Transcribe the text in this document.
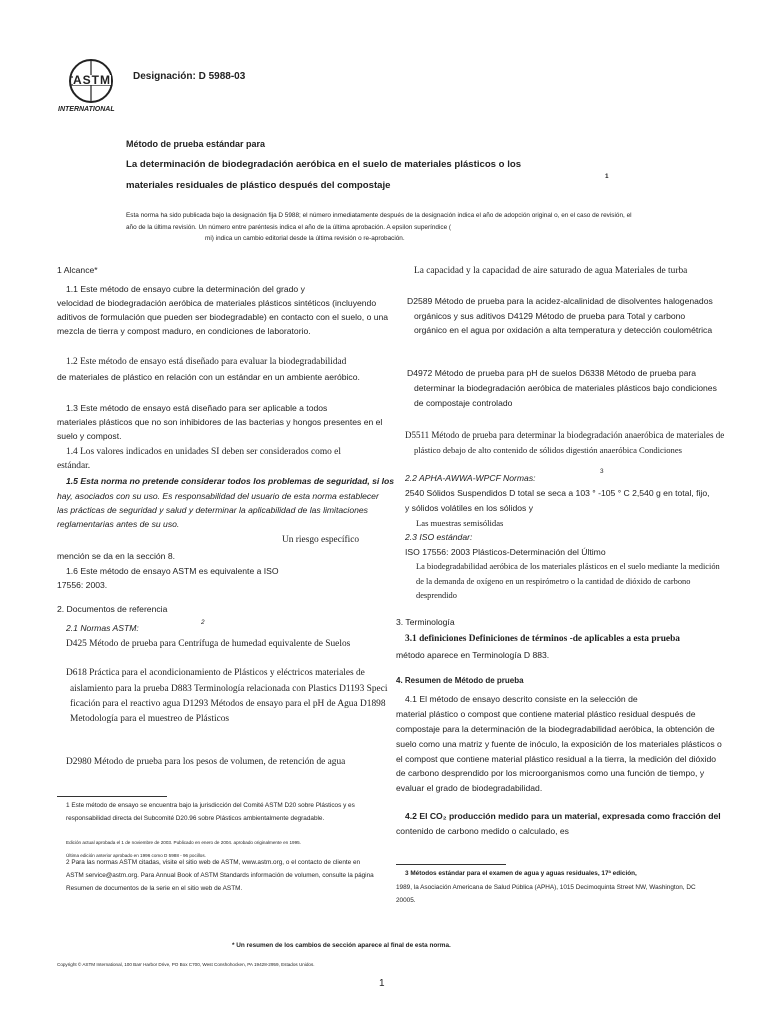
ASTM
INTERNATIONAL
Designación: D 5988-03
Método de prueba estándar para
La determinación de biodegradación aeróbica en el suelo de materiales plásticos o los
materiales residuales de plástico después del compostaje
1
Esta norma ha sido publicada bajo la designación fija D 5988; el número inmediatamente después de la designación indica el año de adopción original o, en el caso de revisión, el
año de la última revisión. Un número entre paréntesis indica el año de la última aprobación. A epsilon superíndice (
mi) indica un cambio editorial desde la última revisión o re-aprobación.
1 Alcance*
1.1 Este método de ensayo cubre la determinación del grado y
velocidad de biodegradación aeróbica de materiales plásticos sintéticos (incluyendo
aditivos de formulación que pueden ser biodegradable) en contacto con el suelo, o una
mezcla de tierra y compost maduro, en condiciones de laboratorio.
1.2 Este método de ensayo está diseñado para evaluar la biodegradabilidad
de materiales de plástico en relación con un estándar en un ambiente aeróbico.
1.3 Este método de ensayo está diseñado para ser aplicable a todos
materiales plásticos que no son inhibidores de las bacterias y hongos presentes en el
suelo y compost.
1.4 Los valores indicados en unidades SI deben ser considerados como el
estándar.
1.5 Esta norma no pretende considerar todos los problemas de seguridad, si los
hay, asociados con su uso. Es responsabilidad del usuario de esta norma establecer
las prácticas de seguridad y salud y determinar la aplicabilidad de las limitaciones
reglamentarias antes de su uso.
Un riesgo específico
mención se da en la sección 8.
1.6 Este método de ensayo ASTM es equivalente a ISO
17556: 2003.
2. Documentos de referencia
2.1 Normas ASTM:
2
D425 Método de prueba para Centrífuga de humedad equivalente de Suelos
D618 Práctica para el acondicionamiento de Plásticos y eléctricos materiales de
aislamiento para la prueba D883 Terminología relacionada con Plastics D1193 Speci
ficación para el reactivo agua D1293 Métodos de ensayo para el pH de Agua D1898
Metodología para el muestreo de Plásticos
D2980 Método de prueba para los pesos de volumen, de retención de agua
1 Este método de ensayo se encuentra bajo la jurisdicción del Comité ASTM D20 sobre Plásticos y es
responsabilidad directa del Subcomité D20.96 sobre Plásticos ambientalmente degradable.
Edición actual aprobada el 1 de noviembre de 2003. Publicado en enero de 2004. aprobado originalmente en 1995.
Última edición anterior aprobado en 1996 como D 5988 - 96 pocillos.
2 Para las normas ASTM citadas, visite el sitio web de ASTM, www.astm.org, o el contacto de cliente en
ASTM service@astm.org. Para Annual Book of ASTM Standards información de volumen, consulte la página
Resumen de documentos de la serie en el sitio web de ASTM.
La capacidad y la capacidad de aire saturado de agua Materiales de turba
D2589 Método de prueba para la acidez-alcalinidad de disolventes halogenados
orgánicos y sus aditivos D4129 Método de prueba para Total y carbono
orgánico en el agua por oxidación a alta temperatura y detección coulométrica
D4972 Método de prueba para pH de suelos D6338 Método de prueba para
determinar la biodegradación aeróbica de materiales plásticos bajo condiciones
de compostaje controlado
D5511 Método de prueba para determinar la biodegradación anaeróbica de materiales de
plástico debajo de alto contenido de sólidos digestión anaeróbica Condiciones
3
2.2 APHA-AWWA-WPCF Normas:
2540 Sólidos Suspendidos D total se seca a 103 ° -105 ° C 2,540 g en total, fijo,
y sólidos volátiles en los sólidos y
Las muestras semisólidas
2.3 ISO estándar:
ISO 17556: 2003 Plásticos-Determinación del Último
La biodegradabilidad aeróbica de los materiales plásticos en el suelo mediante la medición
de la demanda de oxígeno en un respirómetro o la cantidad de dióxido de carbono
desprendido
3. Terminología
3.1 definiciones Definiciones de términos -de aplicables a esta prueba
método aparece en Terminología D 883.
4. Resumen de Método de prueba
4.1 El método de ensayo descrito consiste en la selección de
material plástico o compost que contiene material plástico residual después de
compostaje para la determinación de la biodegradabilidad aeróbica, la obtención de
suelo como una matriz y fuente de inóculo, la exposición de los materiales plásticos o
el compost que contiene material plástico residual a la tierra, la medición del dióxido
de carbono desprendido por los microorganismos como una función de tiempo, y
evaluar el grado de biodegradabilidad.
4.2 El CO₂ producción medido para un material, expresada como fracción del
contenido de carbono medido o calculado, es
3 Métodos estándar para el examen de agua y aguas residuales, 17ª edición,
1989, la Asociación Americana de Salud Pública (APHA), 1015 Decimoquinta Street NW, Washington, DC
20005.
* Un resumen de los cambios de sección aparece al final de esta norma.
Copyright © ASTM International, 100 Barr Harbor Drive, PO Box C700, West Conshohocken, PA 19428-2959, Estados Unidos.
1
